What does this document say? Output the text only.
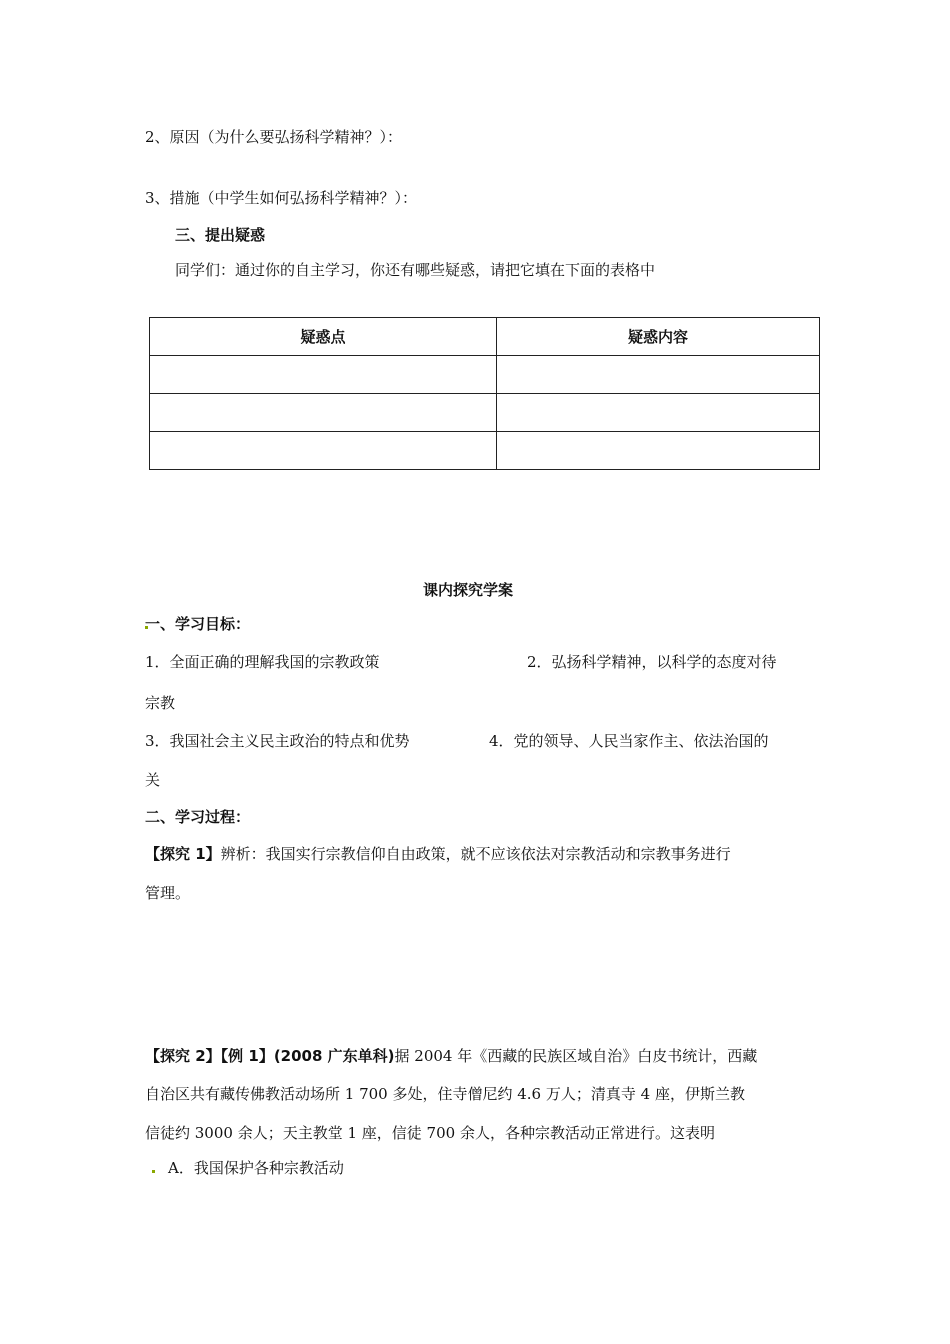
2、原因（为什么要弘扬科学精神？）：
3、措施（中学生如何弘扬科学精神？）：
三、提出疑惑
同学们：通过你的自主学习，你还有哪些疑惑，请把它填在下面的表格中
疑惑点	疑惑内容

课内探究学案
一、学习目标：
1．全面正确的理解我国的宗教政策	2．弘扬科学精神，以科学的态度对待
宗教
3．我国社会主义民主政治的特点和优势	4．党的领导、人民当家作主、依法治国的
关
二、学习过程：
【探究 1】辨析：我国实行宗教信仰自由政策，就不应该依法对宗教活动和宗教事务进行
管理。
【探究 2】【例 1】(2008 广东单科)据 2004 年《西藏的民族区域自治》白皮书统计，西藏
自治区共有藏传佛教活动场所 1 700 多处，住寺僧尼约 4.6 万人；清真寺 4 座，伊斯兰教
信徒约 3000 余人；天主教堂 1 座，信徒 700 余人，各种宗教活动正常进行。这表明
A．我国保护各种宗教活动
